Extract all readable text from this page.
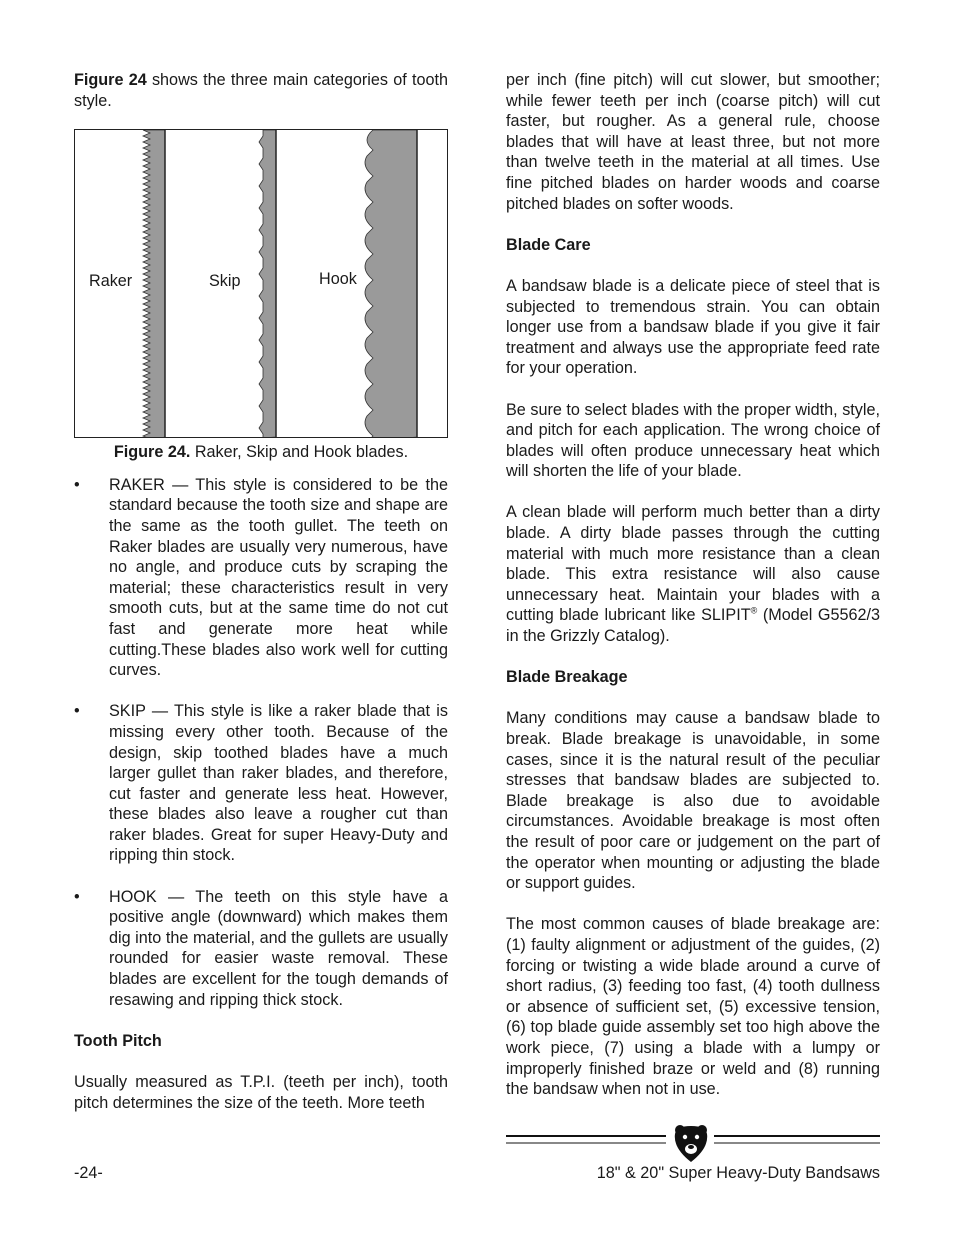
Figure 24 shows the three main categories of tooth style.

Raker	Skip	Hook

Figure 24. Raker, Skip and Hook blades.

• RAKER — This style is considered to be the standard because the tooth size and shape are the same as the tooth gullet. The teeth on Raker blades are usually very numerous, have no angle, and produce cuts by scraping the material; these characteristics result in very smooth cuts, but at the same time do not cut fast and generate more heat while cutting.These blades also work well for cutting curves.
• SKIP — This style is like a raker blade that is missing every other tooth. Because of the design, skip toothed blades have a much larger gullet than raker blades, and therefore, cut faster and generate less heat. However, these blades also leave a rougher cut than raker blades. Great for super Heavy-Duty and ripping thin stock.
• HOOK — The teeth on this style have a positive angle (downward) which makes them dig into the material, and the gullets are usually rounded for easier waste removal. These blades are excellent for the tough demands of resawing and ripping thick stock.

Tooth Pitch

Usually measured as T.P.I. (teeth per inch), tooth pitch determines the size of the teeth. More teeth

per inch (fine pitch) will cut slower, but smoother; while fewer teeth per inch (coarse pitch) will cut faster, but rougher. As a general rule, choose blades that will have at least three, but not more than twelve teeth in the material at all times. Use fine pitched blades on harder woods and coarse pitched blades on softer woods.

Blade Care

A bandsaw blade is a delicate piece of steel that is subjected to tremendous strain. You can obtain longer use from a bandsaw blade if you give it fair treatment and always use the appropriate feed rate for your operation.

Be sure to select blades with the proper width, style, and pitch for each application. The wrong choice of blades will often produce unnecessary heat which will shorten the life of your blade.

A clean blade will perform much better than a dirty blade. A dirty blade passes through the cutting material with much more resistance than a clean blade. This extra resistance will also cause unnecessary heat. Maintain your blades with a cutting blade lubricant like SLIPIT® (Model G5562/3 in the Grizzly Catalog).

Blade Breakage

Many conditions may cause a bandsaw blade to break. Blade breakage is unavoidable, in some cases, since it is the natural result of the peculiar stresses that bandsaw blades are subjected to. Blade breakage is also due to avoidable circumstances. Avoidable breakage is most often the result of poor care or judgement on the part of the operator when mounting or adjusting the blade or support guides.

The most common causes of blade breakage are: (1) faulty alignment or adjustment of the guides, (2) forcing or twisting a wide blade around a curve of short radius, (3) feeding too fast, (4) tooth dullness or absence of sufficient set, (5) excessive tension, (6) top blade guide assembly set too high above the work piece, (7) using a blade with a lumpy or improperly finished braze or weld and (8) running the bandsaw when not in use.

-24-	18" & 20" Super Heavy-Duty Bandsaws
